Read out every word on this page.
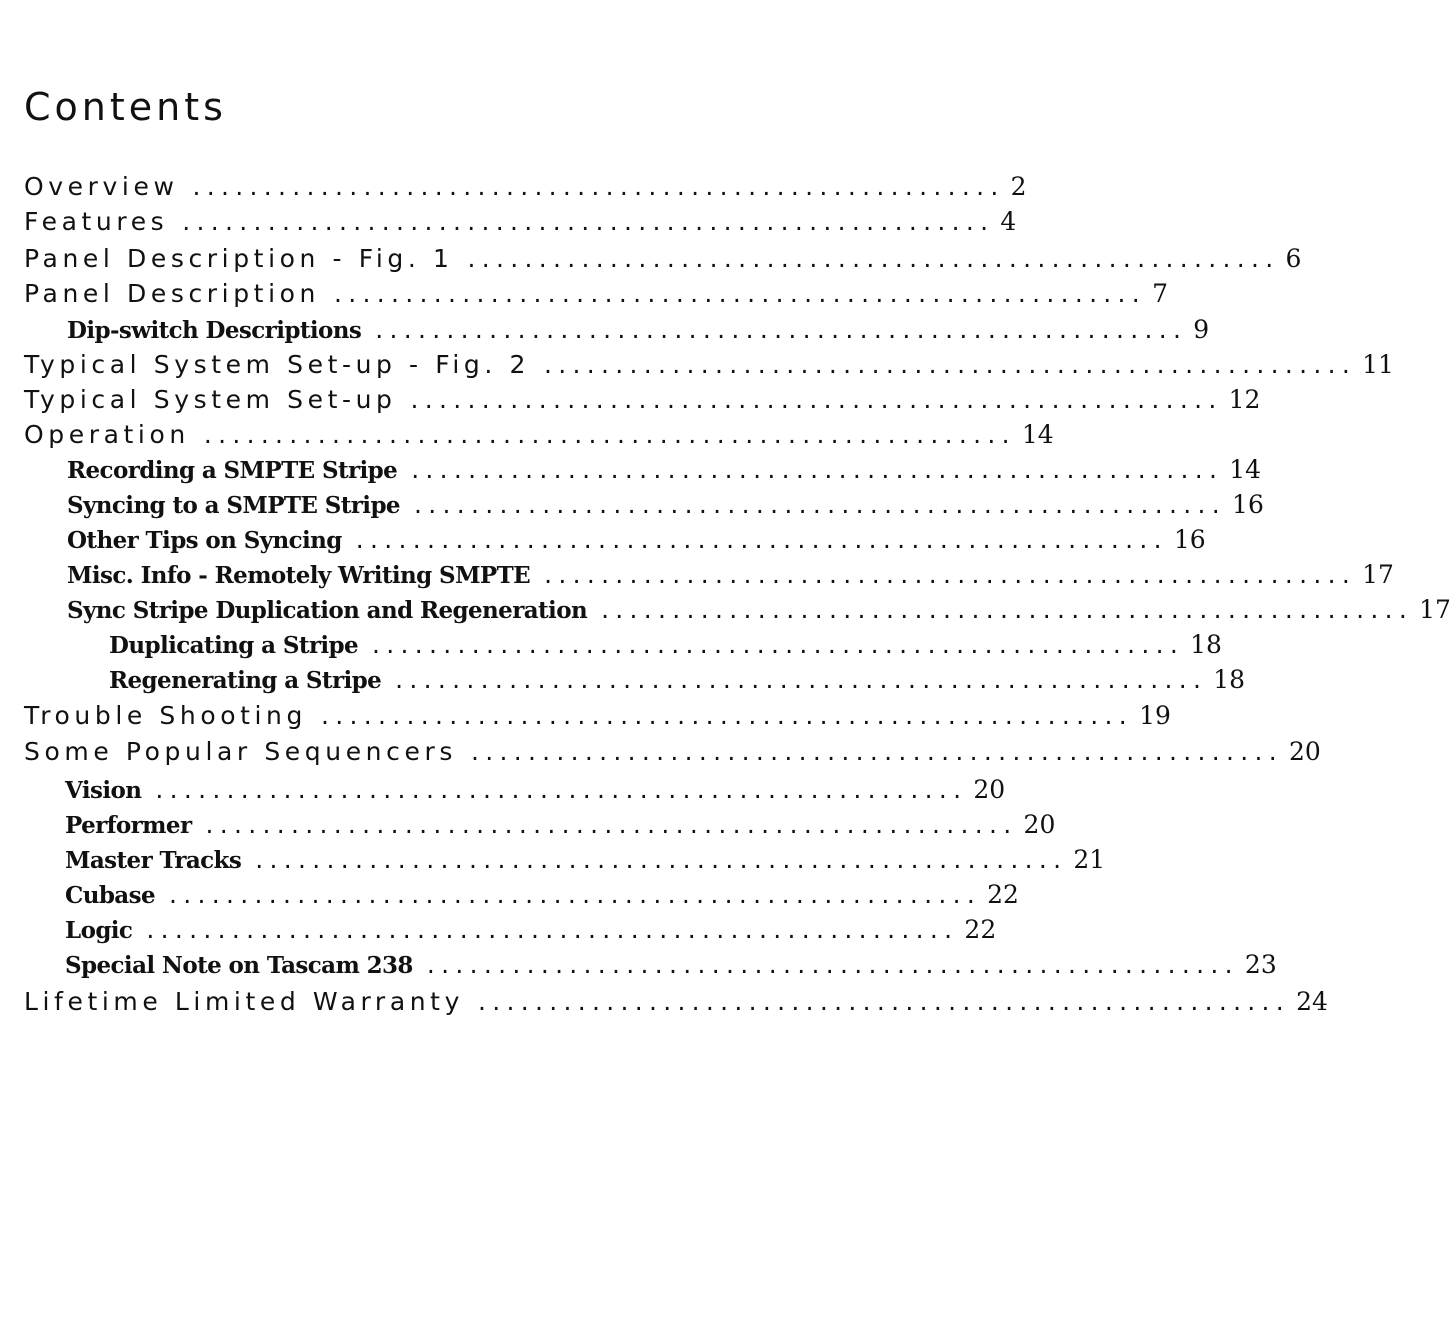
Contents
Overview ......................................................... 2
Features ......................................................... 4
Panel Description - Fig. 1 ......................................................... 6
Panel Description ......................................................... 7
Dip-switch Descriptions ......................................................... 9
Typical System Set-up - Fig. 2 ......................................................... 11
Typical System Set-up ......................................................... 12
Operation ......................................................... 14
Recording a SMPTE Stripe ......................................................... 14
Syncing to a SMPTE Stripe ......................................................... 16
Other Tips on Syncing ......................................................... 16
Misc. Info - Remotely Writing SMPTE ......................................................... 17
Sync Stripe Duplication and Regeneration ......................................................... 17
Duplicating a Stripe ......................................................... 18
Regenerating a Stripe ......................................................... 18
Trouble Shooting ......................................................... 19
Some Popular Sequencers ......................................................... 20
Vision ......................................................... 20
Performer ......................................................... 20
Master Tracks ......................................................... 21
Cubase ......................................................... 22
Logic ......................................................... 22
Special Note on Tascam 238 ......................................................... 23
Lifetime Limited Warranty ......................................................... 24
